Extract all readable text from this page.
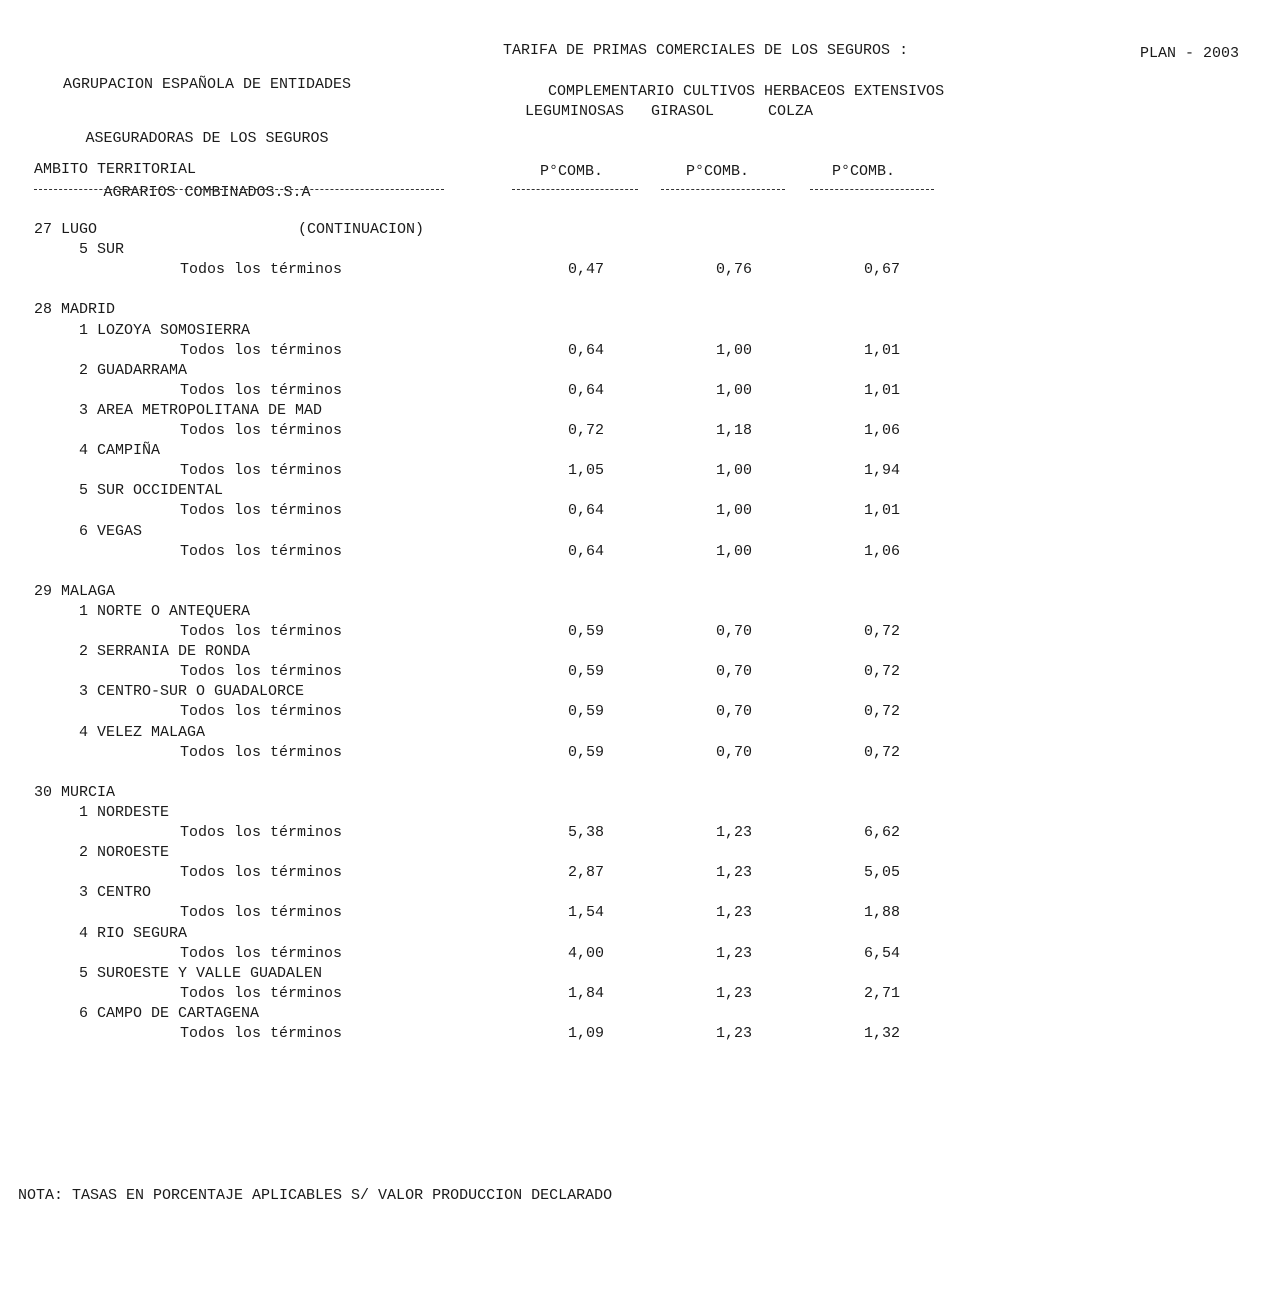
AGRUPACION ESPAÑOLA DE ENTIDADES

ASEGURADORAS DE LOS SEGUROS

AGRARIOS COMBINADOS.S.A

TARIFA DE PRIMAS COMERCIALES DE LOS SEGUROS :	PLAN - 2003
COMPLEMENTARIO CULTIVOS HERBACEOS EXTENSIVOS
LEGUMINOSAS   GIRASOL      COLZA
AMBITO TERRITORIAL	P°COMB.	P°COMB.	P°COMB.
27 LUGO	(CONTINUACION)
5 SUR
Todos los términos	0,47	0,76	0,67
28 MADRID
1 LOZOYA SOMOSIERRA
Todos los términos	0,64	1,00	1,01
2 GUADARRAMA
Todos los términos	0,64	1,00	1,01
3 AREA METROPOLITANA DE MAD
Todos los términos	0,72	1,18	1,06
4 CAMPIÑA
Todos los términos	1,05	1,00	1,94
5 SUR OCCIDENTAL
Todos los términos	0,64	1,00	1,01
6 VEGAS
Todos los términos	0,64	1,00	1,06
29 MALAGA
1 NORTE O ANTEQUERA
Todos los términos	0,59	0,70	0,72
2 SERRANIA DE RONDA
Todos los términos	0,59	0,70	0,72
3 CENTRO-SUR O GUADALORCE
Todos los términos	0,59	0,70	0,72
4 VELEZ MALAGA
Todos los términos	0,59	0,70	0,72
30 MURCIA
1 NORDESTE
Todos los términos	5,38	1,23	6,62
2 NOROESTE
Todos los términos	2,87	1,23	5,05
3 CENTRO
Todos los términos	1,54	1,23	1,88
4 RIO SEGURA
Todos los términos	4,00	1,23	6,54
5 SUROESTE Y VALLE GUADALEN
Todos los términos	1,84	1,23	2,71
6 CAMPO DE CARTAGENA
Todos los términos	1,09	1,23	1,32
NOTA: TASAS EN PORCENTAJE APLICABLES S/ VALOR PRODUCCION DECLARADO
